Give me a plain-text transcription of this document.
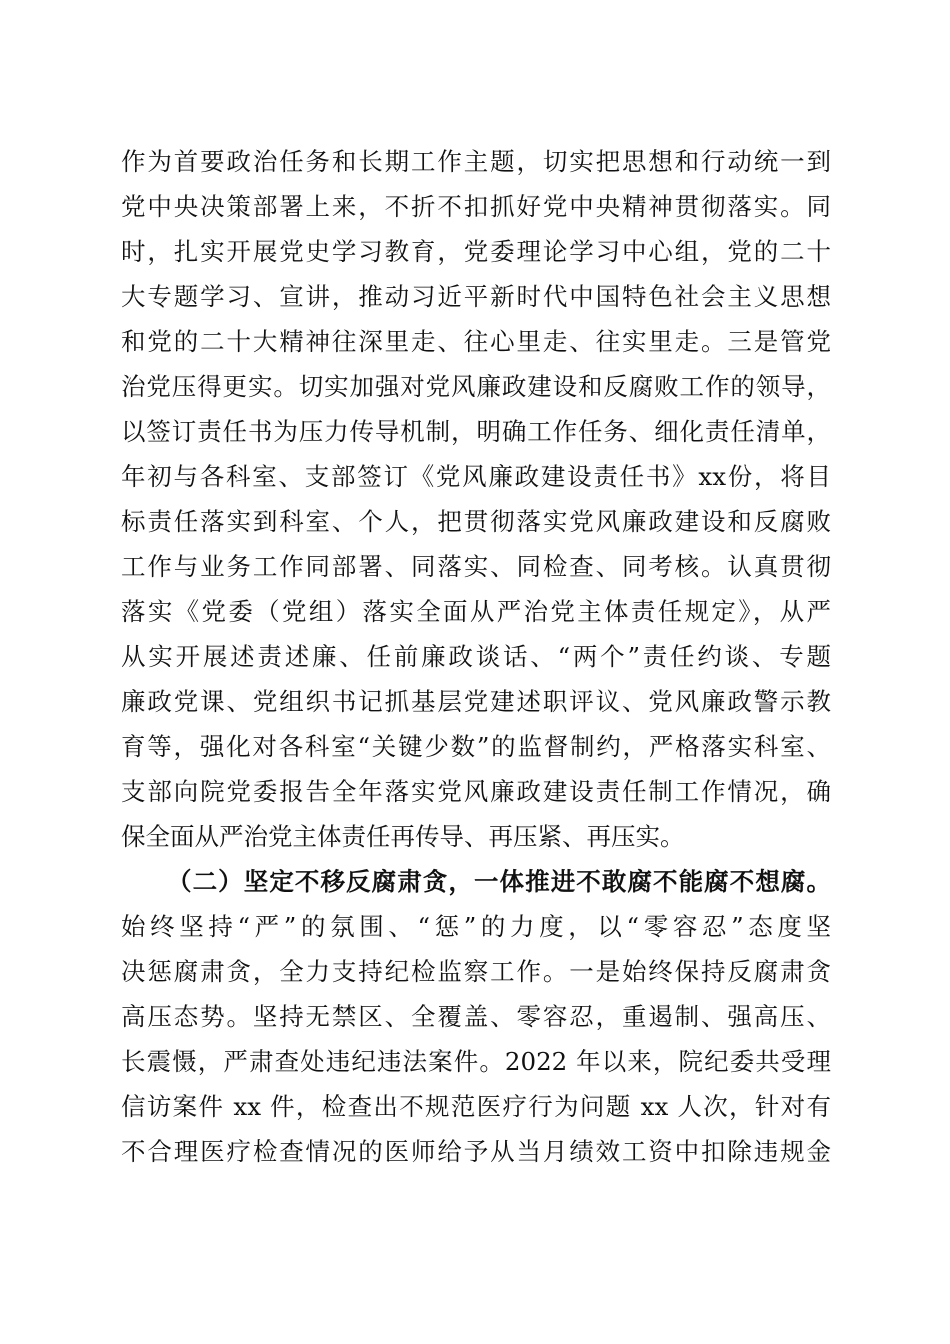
作为首要政治任务和长期工作主题，切实把思想和行动统一到
党中央决策部署上来，不折不扣抓好党中央精神贯彻落实。同
时，扎实开展党史学习教育，党委理论学习中心组，党的二十
大专题学习、宣讲，推动习近平新时代中国特色社会主义思想
和党的二十大精神往深里走、往心里走、往实里走。三是管党
治党压得更实。切实加强对党风廉政建设和反腐败工作的领导，
以签订责任书为压力传导机制，明确工作任务、细化责任清单，
年初与各科室、支部签订《党风廉政建设责任书》xx份，将目
标责任落实到科室、个人，把贯彻落实党风廉政建设和反腐败
工作与业务工作同部署、同落实、同检查、同考核。认真贯彻
落实《党委（党组）落实全面从严治党主体责任规定》，从严
从实开展述责述廉、任前廉政谈话、“两个”责任约谈、专题
廉政党课、党组织书记抓基层党建述职评议、党风廉政警示教
育等，强化对各科室“关键少数”的监督制约，严格落实科室、
支部向院党委报告全年落实党风廉政建设责任制工作情况，确
保全面从严治党主体责任再传导、再压紧、再压实。
（二）坚定不移反腐肃贪，一体推进不敢腐不能腐不想腐。
始终坚持“严”的氛围、“惩”的力度，以“零容忍”态度坚
决惩腐肃贪，全力支持纪检监察工作。一是始终保持反腐肃贪
高压态势。坚持无禁区、全覆盖、零容忍，重遏制、强高压、
长震慑，严肃查处违纪违法案件。2022 年以来，院纪委共受理
信访案件 xx 件，检查出不规范医疗行为问题 xx 人次，针对有
不合理医疗检查情况的医师给予从当月绩效工资中扣除违规金
